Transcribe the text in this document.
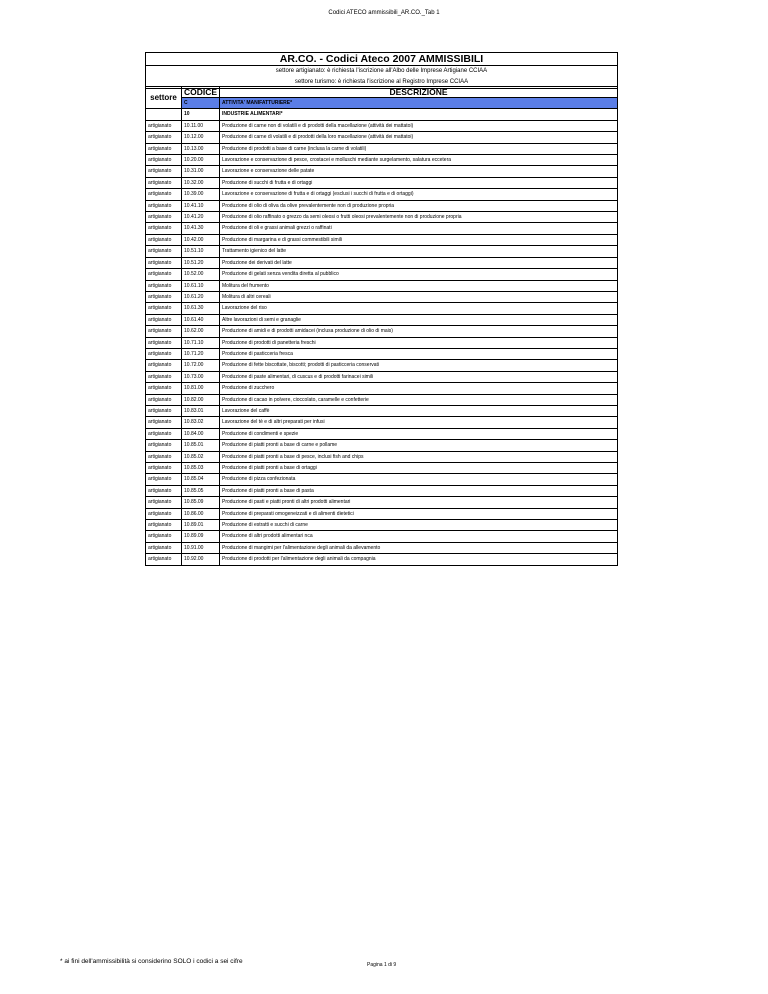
Codici ATECO ammissibili_AR.CO._Tab 1
AR.CO. - Codici Ateco 2007 AMMISSIBILI
settore artigianato: è richiesta l'iscrizione all'Albo delle Imprese Artigiane CCIAA
settore turismo: è richiesta l'iscrizione al Registro Imprese CCIAA
settore	CODICE	DESCRIZIONE
	C	ATTIVITA' MANIFATTURIERE*
	10	INDUSTRIE ALIMENTARI*
artigianato	10.11.00	Produzione di carne non di volatili e di prodotti della macellazione (attività dei mattatoi)
artigianato	10.12.00	Produzione di carne di volatili e di prodotti della loro macellazione (attività dei mattatoi)
artigianato	10.13.00	Produzione di prodotti a base di carne (inclusa la carne di volatili)
artigianato	10.20.00	Lavorazione e conservazione di pesce, crostacei e molluschi mediante surgelamento, salatura eccetera
artigianato	10.31.00	Lavorazione e conservazione delle patate
artigianato	10.32.00	Produzione di succhi di frutta e di ortaggi
artigianato	10.39.00	Lavorazione e conservazione di frutta e di ortaggi (esclusi i succhi di frutta e di ortaggi)
artigianato	10.41.10	Produzione di olio di oliva da olive prevalentemente non di produzione propria
artigianato	10.41.20	Produzione di olio raffinato o grezzo da semi oleosi o frutti oleosi prevalentemente non di produzione propria
artigianato	10.41.30	Produzione di oli e grassi animali grezzi o raffinati
artigianato	10.42.00	Produzione di margarina e di grassi commestibili simili
artigianato	10.51.10	Trattamento igienico del latte
artigianato	10.51.20	Produzione dei derivati del latte
artigianato	10.52.00	Produzione di gelati senza vendita diretta al pubblico
artigianato	10.61.10	Molitura del frumento
artigianato	10.61.20	Molitura di altri cereali
artigianato	10.61.30	Lavorazione del riso
artigianato	10.61.40	Altre lavorazioni di semi e granaglie
artigianato	10.62.00	Produzione di amidi e di prodotti amidacei (inclusa produzione di olio di mais)
artigianato	10.71.10	Produzione di prodotti di panetteria freschi
artigianato	10.71.20	Produzione di pasticceria fresca
artigianato	10.72.00	Produzione di fette biscottate, biscotti; prodotti di pasticceria conservati
artigianato	10.73.00	Produzione di paste alimentari, di cuscus e di prodotti farinacei simili
artigianato	10.81.00	Produzione di zucchero
artigianato	10.82.00	Produzione di cacao in polvere, cioccolato, caramelle e confetterie
artigianato	10.83.01	Lavorazione del caffè
artigianato	10.83.02	Lavorazione del tè e di altri preparati per infusi
artigianato	10.84.00	Produzione di condimenti e spezie
artigianato	10.85.01	Produzione di piatti pronti a base di carne e pollame
artigianato	10.85.02	Produzione di piatti pronti a base di pesce, inclusi fish and chips
artigianato	10.85.03	Produzione di piatti pronti a base di ortaggi
artigianato	10.85.04	Produzione di pizza confezionata
artigianato	10.85.05	Produzione di piatti pronti a base di pasta
artigianato	10.85.09	Produzione di pasti e piatti pronti di altri prodotti alimentari
artigianato	10.86.00	Produzione di preparati omogeneizzati e di alimenti dietetici
artigianato	10.89.01	Produzione di estratti e succhi di carne
artigianato	10.89.09	Produzione di altri prodotti alimentari nca
artigianato	10.91.00	Produzione di mangimi per l'alimentazione degli animali da allevamento
artigianato	10.92.00	Produzione di prodotti per l'alimentazione degli animali da compagnia
* ai fini dell'ammissibilità si considerino SOLO i codici a sei cifre	Pagina 1 di 9
